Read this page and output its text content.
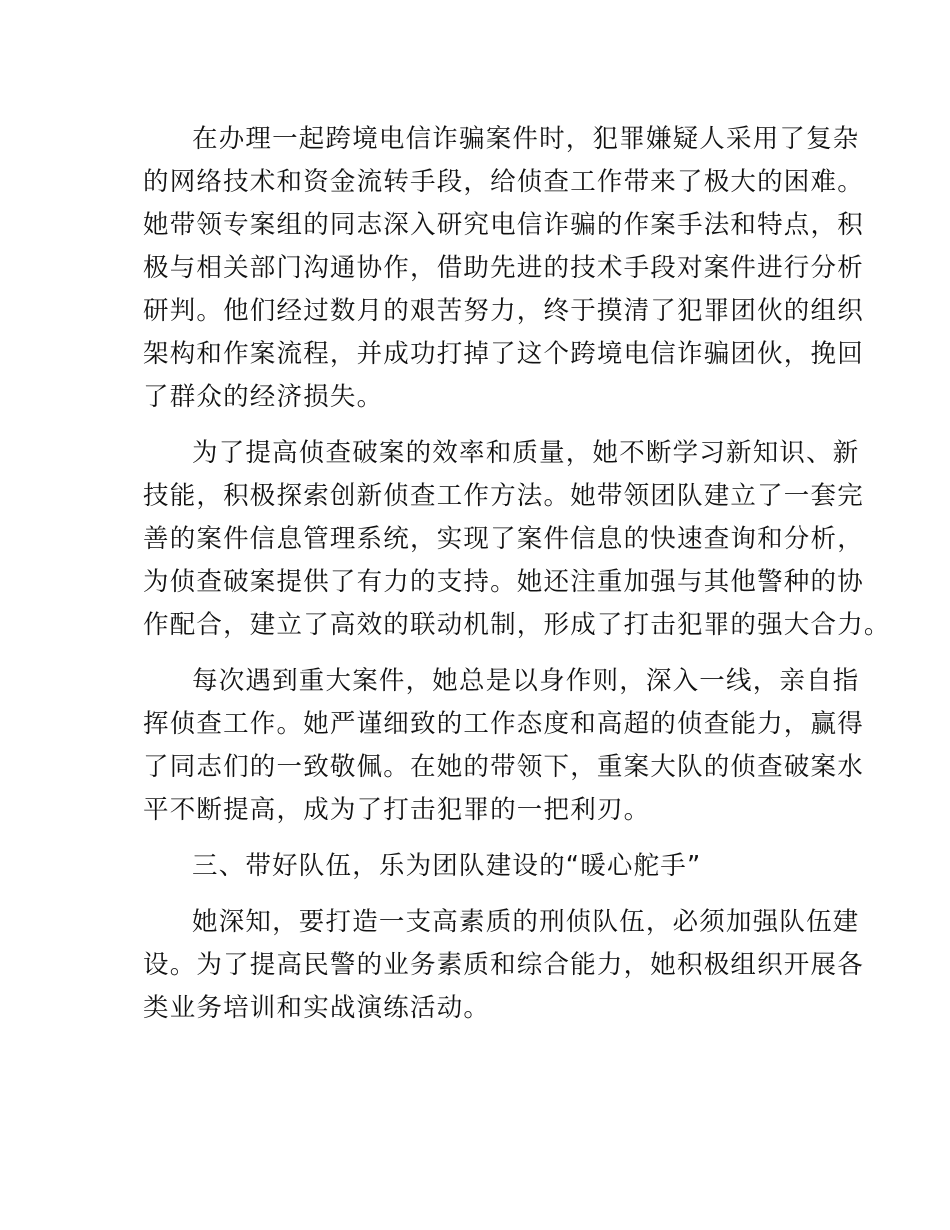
在办理一起跨境电信诈骗案件时，犯罪嫌疑人采用了复杂
的网络技术和资金流转手段，给侦查工作带来了极大的困难。
她带领专案组的同志深入研究电信诈骗的作案手法和特点，积
极与相关部门沟通协作，借助先进的技术手段对案件进行分析
研判。他们经过数月的艰苦努力，终于摸清了犯罪团伙的组织
架构和作案流程，并成功打掉了这个跨境电信诈骗团伙，挽回
了群众的经济损失。
为了提高侦查破案的效率和质量，她不断学习新知识、新
技能，积极探索创新侦查工作方法。她带领团队建立了一套完
善的案件信息管理系统，实现了案件信息的快速查询和分析，
为侦查破案提供了有力的支持。她还注重加强与其他警种的协
作配合，建立了高效的联动机制，形成了打击犯罪的强大合力。
每次遇到重大案件，她总是以身作则，深入一线，亲自指
挥侦查工作。她严谨细致的工作态度和高超的侦查能力，赢得
了同志们的一致敬佩。在她的带领下，重案大队的侦查破案水
平不断提高，成为了打击犯罪的一把利刃。
三、带好队伍，乐为团队建设的“暖心舵手”
她深知，要打造一支高素质的刑侦队伍，必须加强队伍建
设。为了提高民警的业务素质和综合能力，她积极组织开展各
类业务培训和实战演练活动。
